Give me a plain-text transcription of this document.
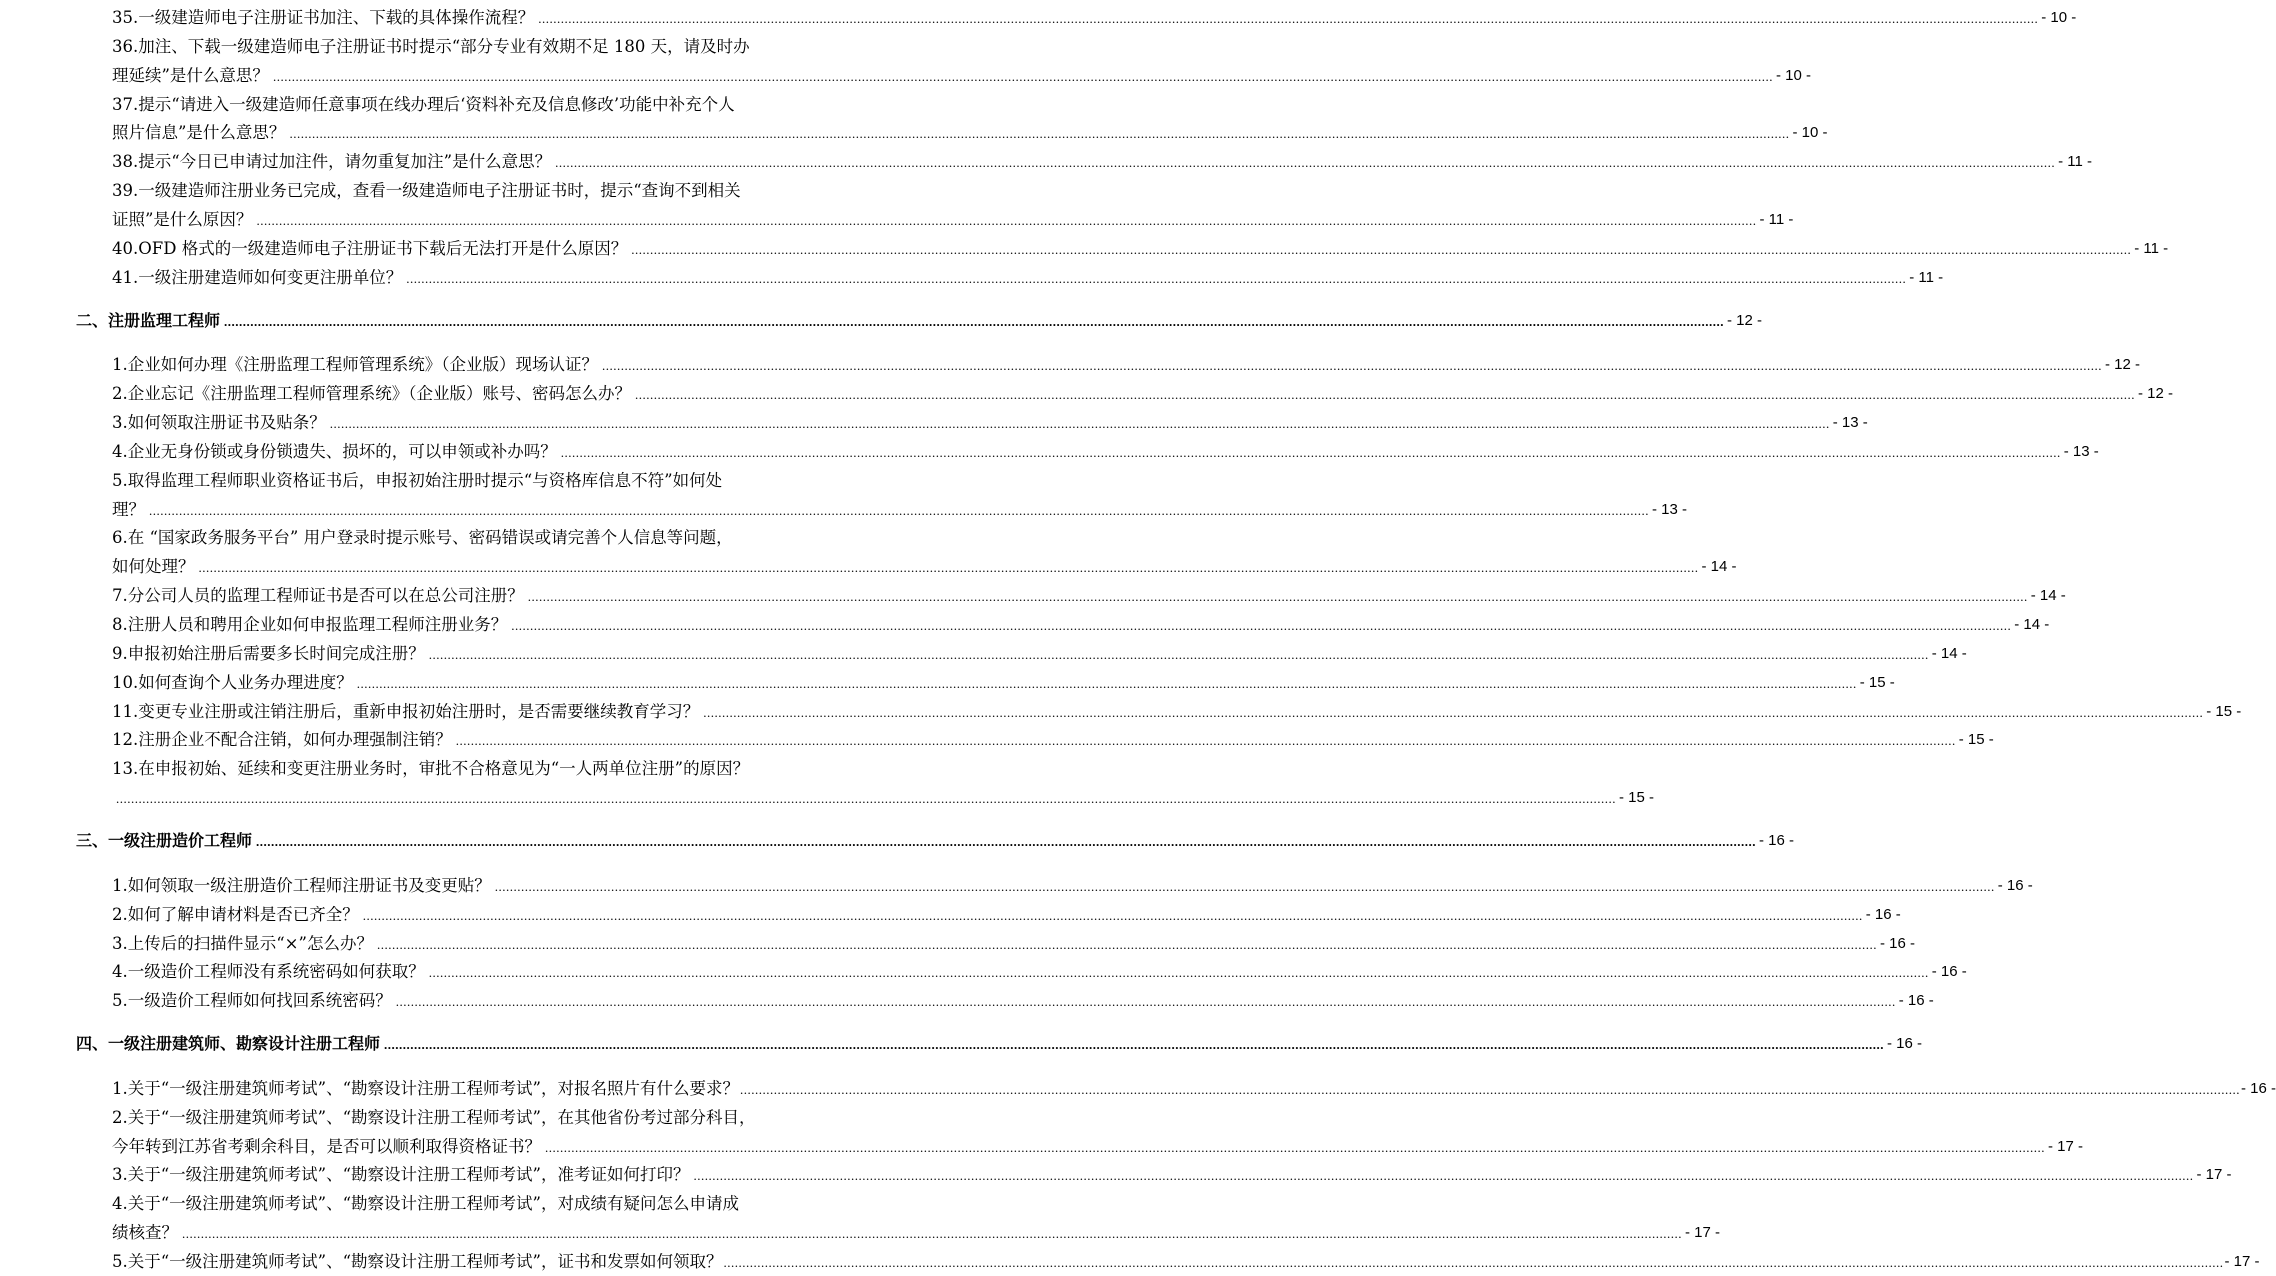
35.一级建造师电子注册证书加注、下载的具体操作流程？ ................................................................................................................................................................................................................................................................................................................................................................................................................ - 10 -
36.加注、下载一级建造师电子注册证书时提示“部分专业有效期不足 180 天，请及时办
理延续”是什么意思？ ................................................................................................................................................................................................................................................................................................................................................................................................................ - 10 -
37.提示“请进入一级建造师任意事项在线办理后‘资料补充及信息修改’功能中补充个人
照片信息”是什么意思？ ................................................................................................................................................................................................................................................................................................................................................................................................................ - 10 -
38.提示“今日已申请过加注件，请勿重复加注”是什么意思？ ................................................................................................................................................................................................................................................................................................................................................................................................................ - 11 -
39.一级建造师注册业务已完成，查看一级建造师电子注册证书时，提示“查询不到相关
证照”是什么原因？ ................................................................................................................................................................................................................................................................................................................................................................................................................ - 11 -
40.OFD 格式的一级建造师电子注册证书下载后无法打开是什么原因？ ................................................................................................................................................................................................................................................................................................................................................................................................................ - 11 -
41.一级注册建造师如何变更注册单位？ ................................................................................................................................................................................................................................................................................................................................................................................................................ - 11 -
二、注册监理工程师 ................................................................................................................................................................................................................................................................................................................................................................................................................ - 12 -
1.企业如何办理《注册监理工程师管理系统》（企业版）现场认证？ ................................................................................................................................................................................................................................................................................................................................................................................................................ - 12 -
2.企业忘记《注册监理工程师管理系统》（企业版）账号、密码怎么办？ ................................................................................................................................................................................................................................................................................................................................................................................................................ - 12 -
3.如何领取注册证书及贴条？ ................................................................................................................................................................................................................................................................................................................................................................................................................ - 13 -
4.企业无身份锁或身份锁遗失、损坏的，可以申领或补办吗？ ................................................................................................................................................................................................................................................................................................................................................................................................................ - 13 -
5.取得监理工程师职业资格证书后，申报初始注册时提示“与资格库信息不符”如何处
理？ ................................................................................................................................................................................................................................................................................................................................................................................................................ - 13 -
6.在 “国家政务服务平台” 用户登录时提示账号、密码错误或请完善个人信息等问题，
如何处理？ ................................................................................................................................................................................................................................................................................................................................................................................................................ - 14 -
7.分公司人员的监理工程师证书是否可以在总公司注册？ ................................................................................................................................................................................................................................................................................................................................................................................................................ - 14 -
8.注册人员和聘用企业如何申报监理工程师注册业务？ ................................................................................................................................................................................................................................................................................................................................................................................................................ - 14 -
9.申报初始注册后需要多长时间完成注册？ ................................................................................................................................................................................................................................................................................................................................................................................................................ - 14 -
10.如何查询个人业务办理进度？ ................................................................................................................................................................................................................................................................................................................................................................................................................ - 15 -
11.变更专业注册或注销注册后，重新申报初始注册时，是否需要继续教育学习？ ................................................................................................................................................................................................................................................................................................................................................................................................................ - 15 -
12.注册企业不配合注销，如何办理强制注销？ ................................................................................................................................................................................................................................................................................................................................................................................................................ - 15 -
13.在申报初始、延续和变更注册业务时，审批不合格意见为“一人两单位注册”的原因？
................................................................................................................................................................................................................................................................................................................................................................................................................ - 15 -
三、一级注册造价工程师 ................................................................................................................................................................................................................................................................................................................................................................................................................ - 16 -
1.如何领取一级注册造价工程师注册证书及变更贴？ ................................................................................................................................................................................................................................................................................................................................................................................................................ - 16 -
2.如何了解申请材料是否已齐全？ ................................................................................................................................................................................................................................................................................................................................................................................................................ - 16 -
3.上传后的扫描件显示“×”怎么办？ ................................................................................................................................................................................................................................................................................................................................................................................................................ - 16 -
4.一级造价工程师没有系统密码如何获取？ ................................................................................................................................................................................................................................................................................................................................................................................................................ - 16 -
5.一级造价工程师如何找回系统密码？ ................................................................................................................................................................................................................................................................................................................................................................................................................ - 16 -
四、一级注册建筑师、勘察设计注册工程师 ................................................................................................................................................................................................................................................................................................................................................................................................................ - 16 -
1.关于“一级注册建筑师考试”、“勘察设计注册工程师考试”，对报名照片有什么要求？ ................................................................................................................................................................................................................................................................................................................................................................................................................ - 16 -
2.关于“一级注册建筑师考试”、“勘察设计注册工程师考试”，在其他省份考过部分科目，
今年转到江苏省考剩余科目，是否可以顺利取得资格证书？ ................................................................................................................................................................................................................................................................................................................................................................................................................ - 17 -
3.关于“一级注册建筑师考试”、“勘察设计注册工程师考试”，准考证如何打印？ ................................................................................................................................................................................................................................................................................................................................................................................................................ - 17 -
4.关于“一级注册建筑师考试”、“勘察设计注册工程师考试”，对成绩有疑问怎么申请成
绩核查？ ................................................................................................................................................................................................................................................................................................................................................................................................................ - 17 -
5.关于“一级注册建筑师考试”、“勘察设计注册工程师考试”，证书和发票如何领取？ ................................................................................................................................................................................................................................................................................................................................................................................................................ - 17 -
